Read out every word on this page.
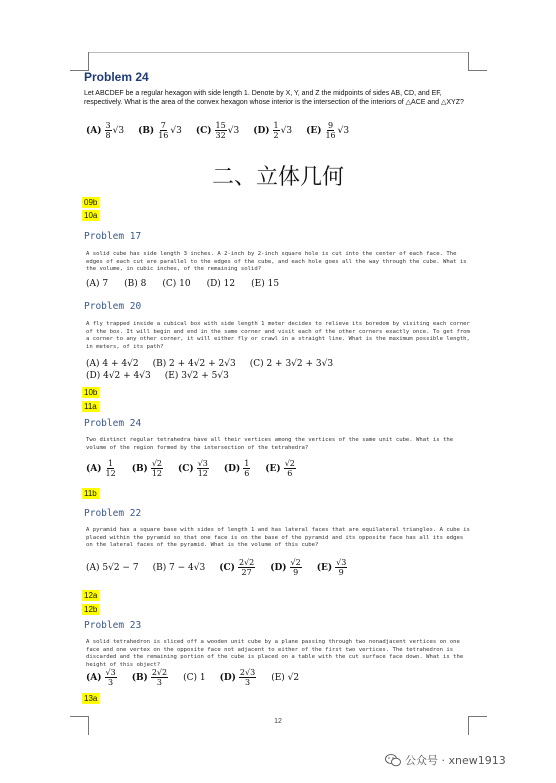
Problem 24
Let ABCDEF be a regular hexagon with side length 1. Denote by X, Y, and Z the midpoints of sides AB, CD, and EF, respectively. What is the area of the convex hexagon whose interior is the intersection of the interiors of △ACE and △XYZ?
$(A) \frac{3}{8} √3$ $(B) \frac{7}{16} √3$ $(C) \frac{15}{32} √3$ $(D) \frac{1}{2} √3$ $(E) \frac{9}{16} √3$
二、立体几何
09b
10a
Problem 17
A solid cube has side length 3 inches. A 2-inch by 2-inch square hole is cut into the center of each face. The edges of each cut are parallel to the edges of the cube, and each hole goes all the way through the cube. What is the volume, in cubic inches, of the remaining solid?
(A) 7 (B) 8 (C) 10 (D) 12 (E) 15
Problem 20
A fly trapped inside a cubical box with side length 1 meter decides to relieve its boredom by visiting each corner of the box. It will begin and end in the same corner and visit each of the other corners exactly once. To get from a corner to any other corner, it will either fly or crawl in a straight line. What is the maximum possible length, in meters, of its path?
(A) 4 + 4√2 (B) 2 + 4√2 + 2√3 (C) 2 + 3√2 + 3√3
(D) 4√2 + 4√3 (E) 3√2 + 5√3
10b
11a
Problem 24
Two distinct regular tetrahedra have all their vertices among the vertices of the same unit cube. What is the volume of the region formed by the intersection of the tetrahedra?
$(A) \frac{1}{12} (B) \frac{√2}{12} (C) \frac{√3}{12} (D) \frac{1}{6} (E) \frac{√2}{6}$
11b
Problem 22
A pyramid has a square base with sides of length 1 and has lateral faces that are equilateral triangles. A cube is placed within the pyramid so that one face is on the base of the pyramid and its opposite face has all its edges on the lateral faces of the pyramid. What is the volume of this cube?
(A) 5√2 − 7 (B) 7 − 4√3 $(C) \frac{2√2}{27} (D) \frac{√2}{9} (E) \frac{√3}{9}$
12a
12b
Problem 23
A solid tetrahedron is sliced off a wooden unit cube by a plane passing through two nonadjacent vertices on one face and one vertex on the opposite face not adjacent to either of the first two vertices. The tetrahedron is discarded and the remaining portion of the cube is placed on a table with the cut surface face down. What is the height of this object?
$(A) \frac{√3}{3} (B) \frac{2√2}{3} (C)$ 1 $(D) \frac{2√3}{3} (E)$ √2
13a
12
公众号 · xnew1913
